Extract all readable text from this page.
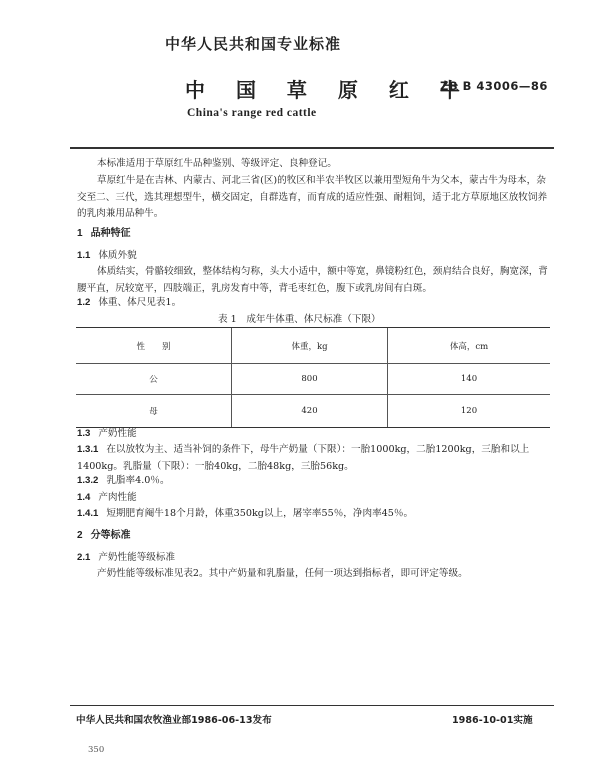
中华人民共和国专业标准
中 国 草 原 红 牛
ZB B 43006—86
China's range red cattle
本标准适用于草原红牛品种鉴别、等级评定、良种登记。
草原红牛是在吉林、内蒙古、河北三省(区)的牧区和半农半牧区以兼用型短角牛为父本，蒙古牛为母本，杂交至二、三代，选其理想型牛，横交固定，自群选育，而育成的适应性强、耐粗饲，适于北方草原地区放牧饲养的乳肉兼用品种牛。
1 品种特征
1.1 体质外貌
体质结实，骨骼较细致，整体结构匀称，头大小适中，额中等宽，鼻镜粉红色，颈肩结合良好，胸宽深，背腰平直，尻较宽平，四肢端正，乳房发育中等，背毛枣红色，腹下或乳房间有白斑。
1.2 体重、体尺见表1。
表 1　成年牛体重、体尺标准（下限）
性　　别	体重，kg	体高，cm
公	800	140
母	420	120
1.3 产奶性能
1.3.1 在以放牧为主、适当补饲的条件下，母牛产奶量（下限）：一胎1000kg，二胎1200kg，三胎和以上1400kg。乳脂量（下限）：一胎40kg，二胎48kg，三胎56kg。
1.3.2 乳脂率4.0％。
1.4 产肉性能
1.4.1 短期肥育阉牛18个月龄，体重350kg以上，屠宰率55％，净肉率45％。
2 分等标准
2.1 产奶性能等级标准
产奶性能等级标准见表2。其中产奶量和乳脂量，任何一项达到指标者，即可评定等级。
中华人民共和国农牧渔业部1986-06-13发布	1986-10-01实施
350
